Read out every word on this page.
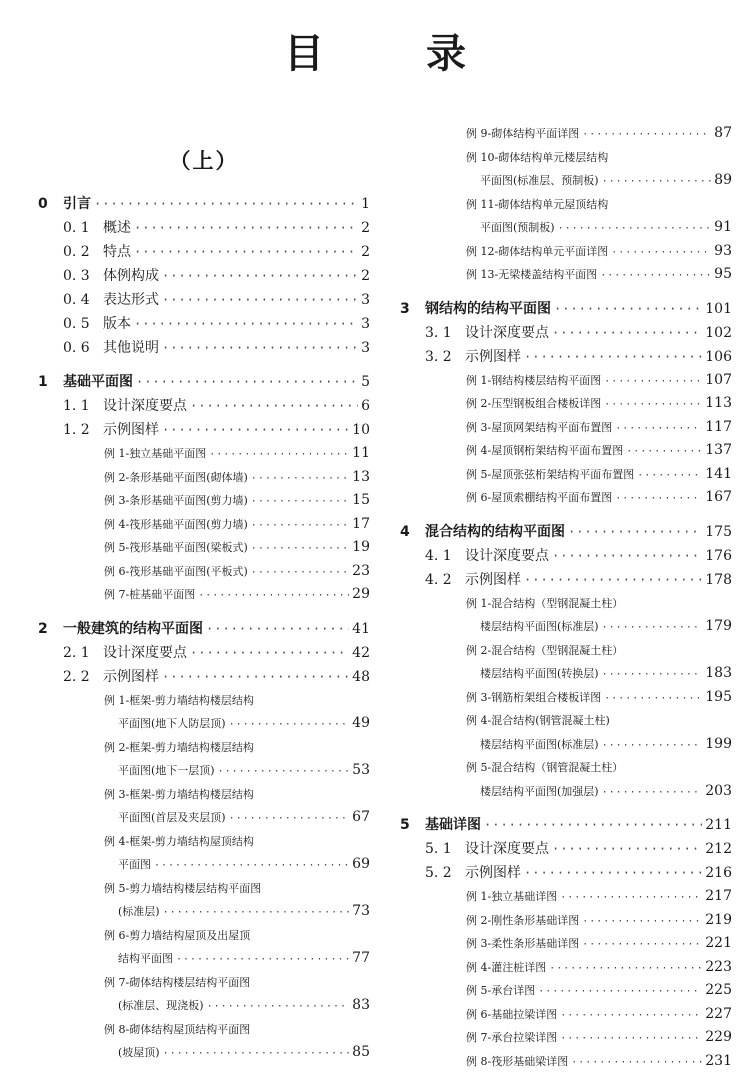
目 录
（上）
0	引言 ·····	1
0. 1 概述 ·····	2
0. 2 特点 ·····	2
0. 3 体例构成 ·····	2
0. 4 表达形式 ·····	3
0. 5 版本 ·····	3
0. 6 其他说明 ·····	3
1	基础平面图 ·····	5
1. 1 设计深度要点 ·····	6
1. 2 示例图样 ·····	10
例 1-独立基础平面图 ·····	11
例 2-条形基础平面图(砌体墙) ·····	13
例 3-条形基础平面图(剪力墙) ·····	15
例 4-筏形基础平面图(剪力墙) ·····	17
例 5-筏形基础平面图(梁板式) ·····	19
例 6-筏形基础平面图(平板式) ·····	23
例 7-桩基础平面图 ·····	29
2	一般建筑的结构平面图 ·····	41
2. 1 设计深度要点 ·····	42
2. 2 示例图样 ·····	48
例 1-框架-剪力墙结构楼层结构
平面图(地下人防层顶) ·····	49
例 2-框架-剪力墙结构楼层结构
平面图(地下一层顶) ·····	53
例 3-框架-剪力墙结构楼层结构
平面图(首层及夹层顶) ·····	67
例 4-框架-剪力墙结构屋顶结构
平面图 ·····	69
例 5-剪力墙结构楼层结构平面图
(标准层) ·····	73
例 6-剪力墙结构屋顶及出屋顶
结构平面图 ·····	77
例 7-砌体结构楼层结构平面图
(标准层、现浇板) ·····	83
例 8-砌体结构屋顶结构平面图
(坡屋顶) ·····	85
例 9-砌体结构平面详图 ·····	87
例 10-砌体结构单元楼层结构
平面图(标准层、预制板) ·····	89
例 11-砌体结构单元屋顶结构
平面图(预制板) ·····	91
例 12-砌体结构单元平面详图 ·····	93
例 13-无梁楼盖结构平面图 ·····	95
3	钢结构的结构平面图 ·····	101
3. 1 设计深度要点 ·····	102
3. 2 示例图样 ·····	106
例 1-钢结构楼层结构平面图 ·····	107
例 2-压型钢板组合楼板详图 ·····	113
例 3-屋顶网架结构平面布置图 ·····	117
例 4-屋顶钢桁架结构平面布置图 ·····	137
例 5-屋顶张弦桁架结构平面布置图 ·····	141
例 6-屋顶索棚结构平面布置图 ·····	167
4	混合结构的结构平面图 ·····	175
4. 1 设计深度要点 ·····	176
4. 2 示例图样 ·····	178
例 1-混合结构（型钢混凝土柱）
楼层结构平面图(标准层) ·····	179
例 2-混合结构（型钢混凝土柱）
楼层结构平面图(转换层) ·····	183
例 3-钢筋桁架组合楼板详图 ·····	195
例 4-混合结构(钢管混凝土柱)
楼层结构平面图(标准层) ·····	199
例 5-混合结构（钢管混凝土柱）
楼层结构平面图(加强层) ·····	203
5	基础详图 ·····	211
5. 1 设计深度要点 ·····	212
5. 2 示例图样 ·····	216
例 1-独立基础详图 ·····	217
例 2-刚性条形基础详图 ·····	219
例 3-柔性条形基础详图 ·····	221
例 4-灌注桩详图 ·····	223
例 5-承台详图 ·····	225
例 6-基础拉梁详图 ·····	227
例 7-承台拉梁详图 ·····	229
例 8-筏形基础梁详图 ·····	231
